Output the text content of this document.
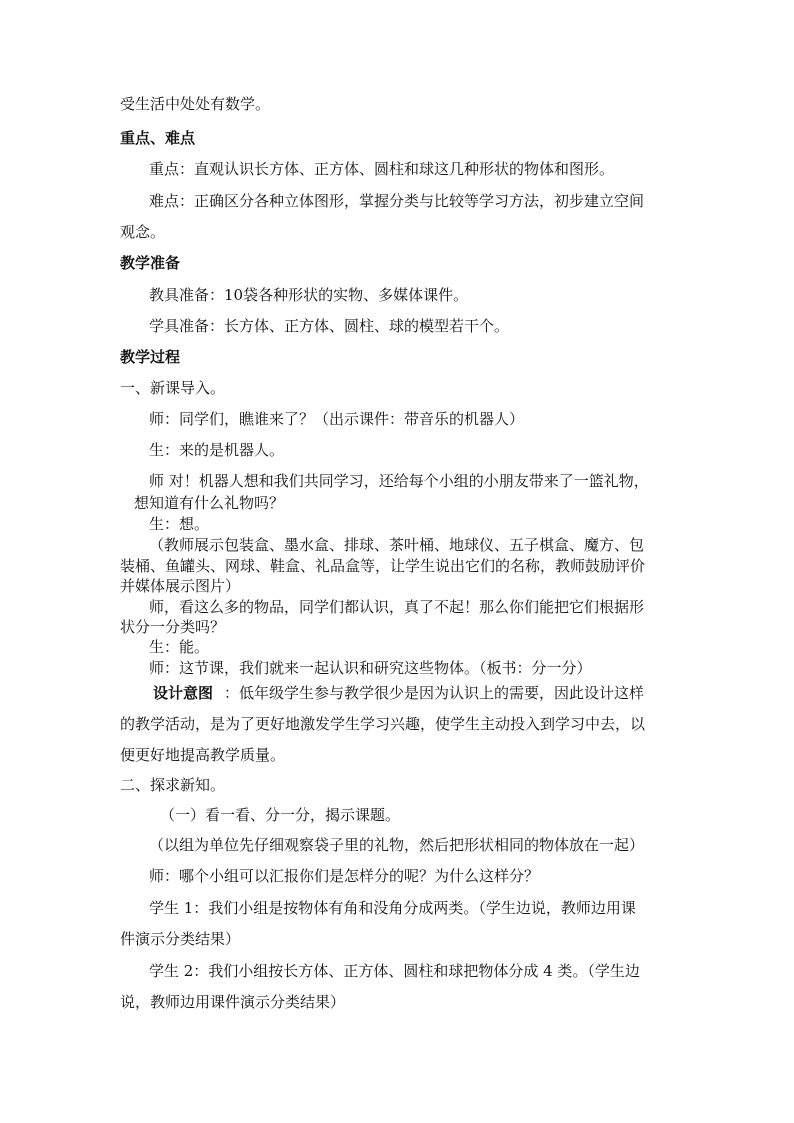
受生活中处处有数学。
重点、难点
重点：直观认识长方体、正方体、圆柱和球这几种形状的物体和图形。
难点：正确区分各种立体图形，掌握分类与比较等学习方法，初步建立空间
观念。
教学准备
教具准备：10袋各种形状的实物、多媒体课件。
学具准备：长方体、正方体、圆柱、球的模型若干个。
教学过程
一、新课导入。
师：同学们，瞧谁来了？（出示课件：带音乐的机器人）
生：来的是机器人。
师 对！机器人想和我们共同学习，还给每个小组的小朋友带来了一篮礼物，
想知道有什么礼物吗？
生：想。
（教师展示包装盒、墨水盒、排球、茶叶桶、地球仪、五子棋盒、魔方、包
装桶、鱼罐头、网球、鞋盒、礼品盒等，让学生说出它们的名称，教师鼓励评价
并媒体展示图片）
师，看这么多的物品，同学们都认识，真了不起！那么你们能把它们根据形
状分一分类吗？
生：能。
师：这节课，我们就来一起认识和研究这些物体。（板书：分一分）
设计意图 ：低年级学生参与教学很少是因为认识上的需要，因此设计这样
的教学活动，是为了更好地激发学生学习兴趣，使学生主动投入到学习中去，以
便更好地提高教学质量。
二、探求新知。
（一）看一看、分一分，揭示课题。
（以组为单位先仔细观察袋子里的礼物，然后把形状相同的物体放在一起）
师：哪个小组可以汇报你们是怎样分的呢？为什么这样分？
学生 1：我们小组是按物体有角和没角分成两类。（学生边说，教师边用课
件演示分类结果）
学生 2：我们小组按长方体、正方体、圆柱和球把物体分成 4 类。（学生边
说，教师边用课件演示分类结果）
